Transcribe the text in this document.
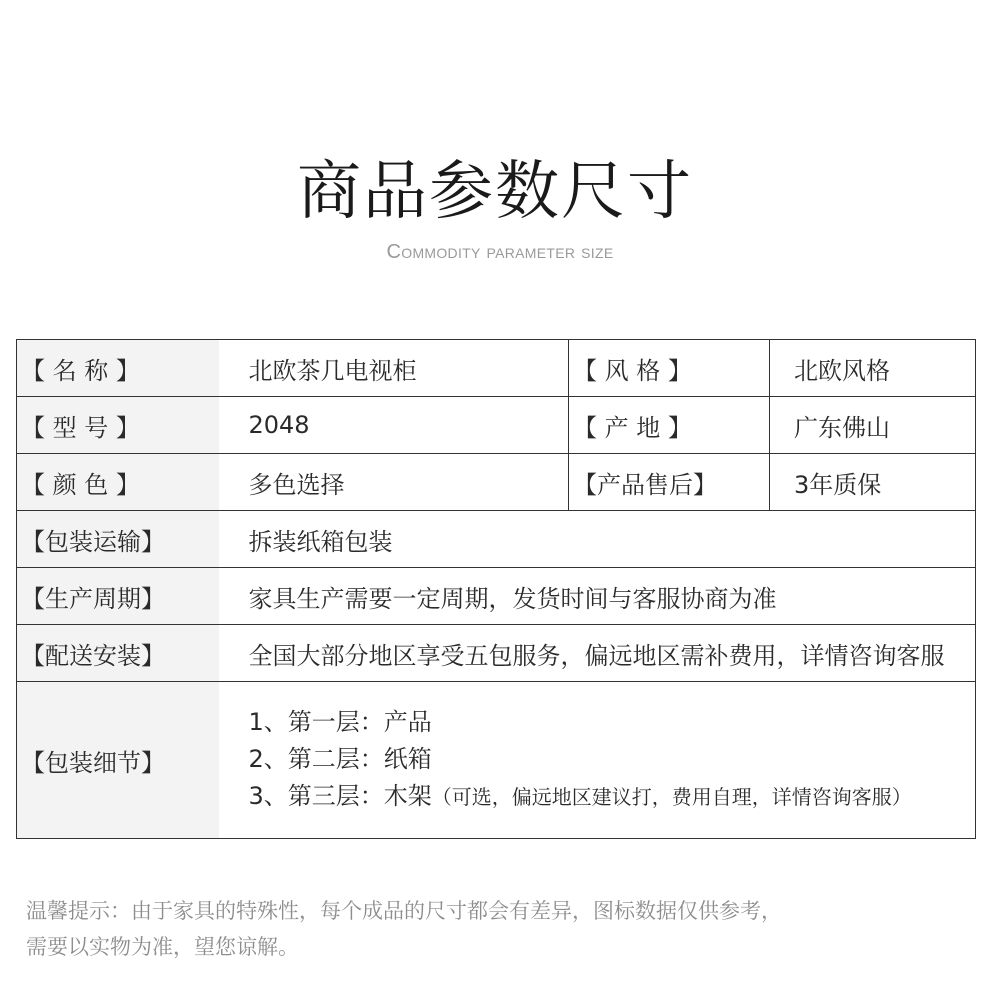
商品参数尺寸
Commodity parameter size
【 名 称 】	北欧茶几电视柜	【 风 格 】	北欧风格
【 型 号 】	2048	【 产 地 】	广东佛山
【 颜 色 】	多色选择	【产品售后】	3年质保
【包装运输】	拆装纸箱包装		
【生产周期】	家具生产需要一定周期，发货时间与客服协商为准		
【配送安装】	全国大部分地区享受五包服务，偏远地区需补费用，详情咨询客服		
【包装细节】	1、第一层：产品
2、第二层：纸箱
3、第三层：木架（可选，偏远地区建议打，费用自理，详情咨询客服）		
温馨提示：由于家具的特殊性，每个成品的尺寸都会有差异，图标数据仅供参考，
需要以实物为准，望您谅解。
